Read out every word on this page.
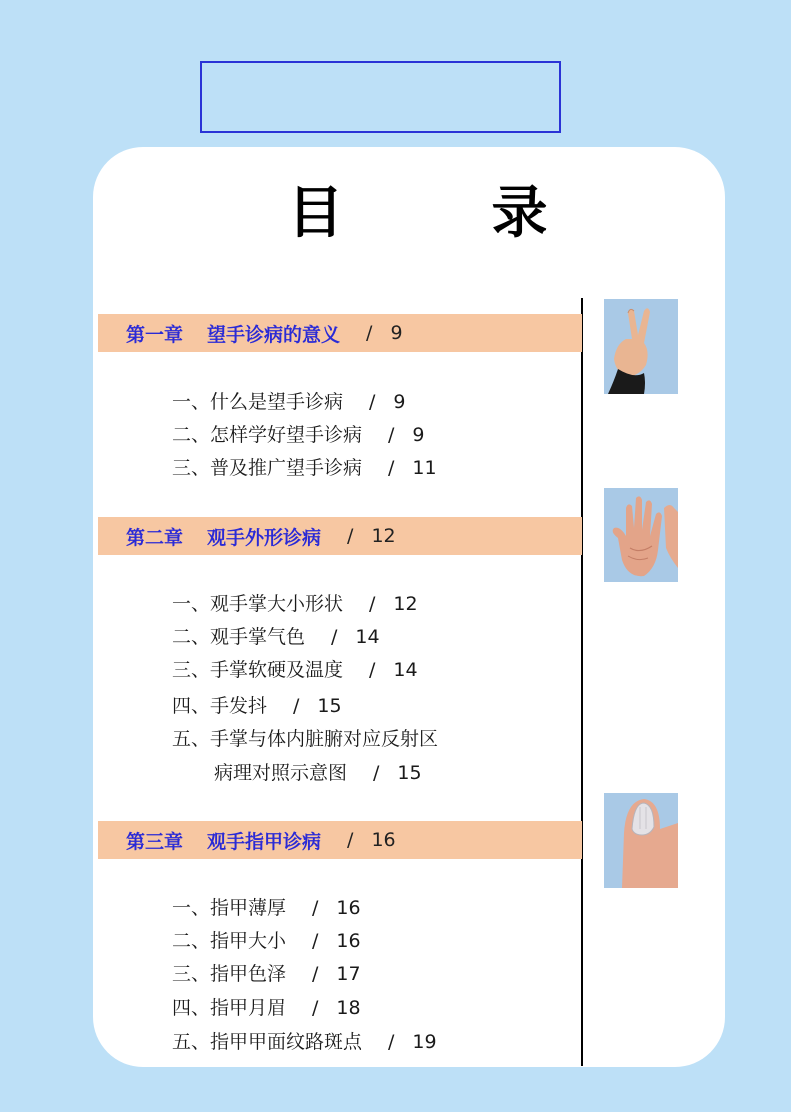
目　录
第一章 望手诊病的意义 / 9
一、什么是望手诊病 / 9
二、怎样学好望手诊病 / 9
三、普及推广望手诊病 / 11
第二章 观手外形诊病 / 12
一、观手掌大小形状 / 12
二、观手掌气色 / 14
三、手掌软硬及温度 / 14
四、手发抖 / 15
五、手掌与体内脏腑对应反射区
病理对照示意图 / 15
第三章 观手指甲诊病 / 16
一、指甲薄厚 / 16
二、指甲大小 / 16
三、指甲色泽 / 17
四、指甲月眉 / 18
五、指甲甲面纹路斑点 / 19
